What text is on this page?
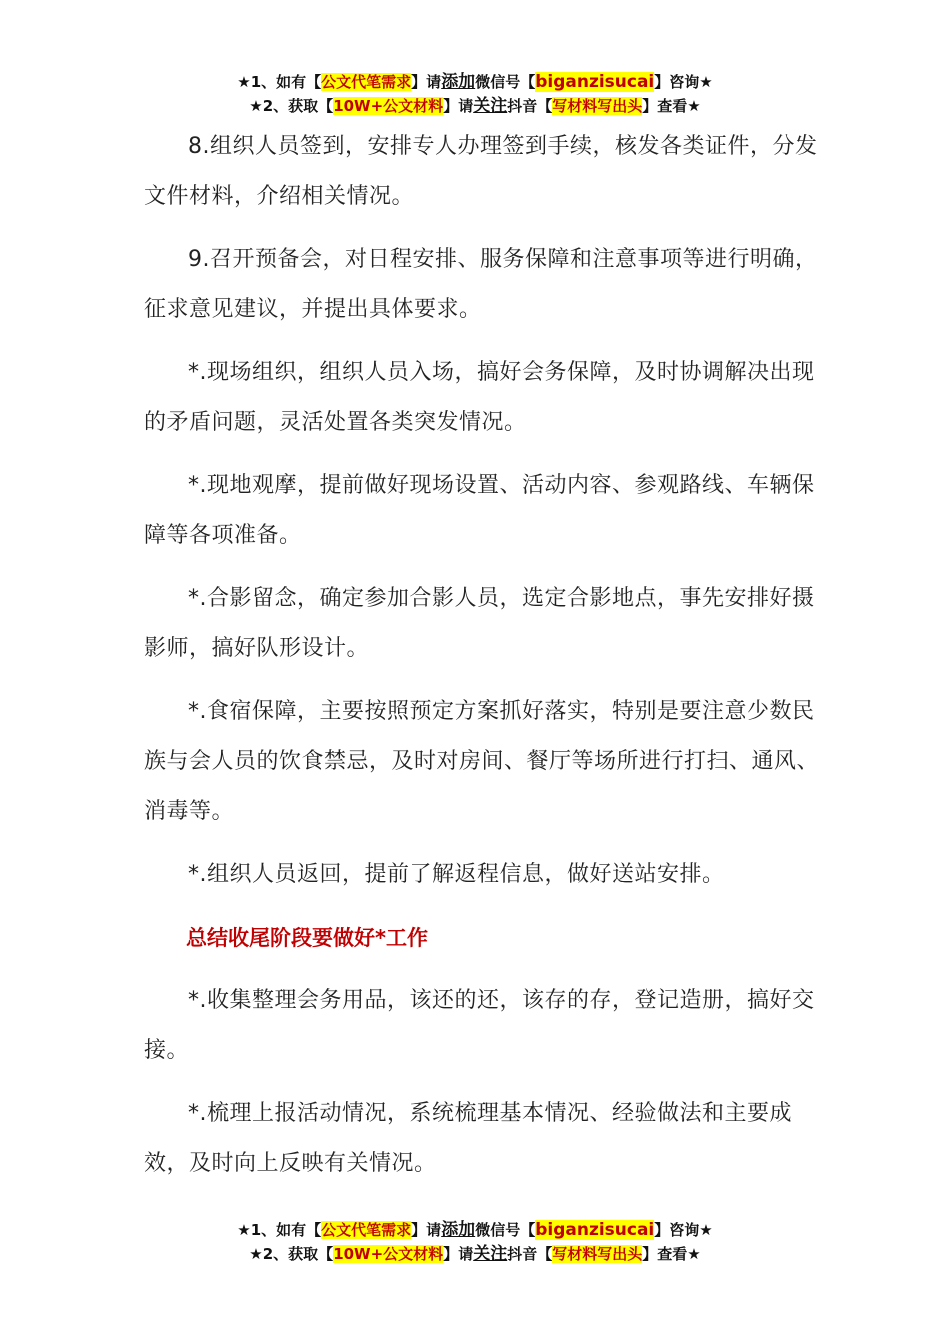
★1、如有【公文代笔需求】请添加微信号【biganzisucai】咨询★
★2、获取【10W+公文材料】请关注抖音【写材料写出头】查看★

8.组织人员签到，安排专人办理签到手续，核发各类证件，分发文件材料，介绍相关情况。

9.召开预备会，对日程安排、服务保障和注意事项等进行明确，征求意见建议，并提出具体要求。

*.现场组织，组织人员入场，搞好会务保障，及时协调解决出现的矛盾问题，灵活处置各类突发情况。

*.现地观摩，提前做好现场设置、活动内容、参观路线、车辆保障等各项准备。

*.合影留念，确定参加合影人员，选定合影地点，事先安排好摄影师，搞好队形设计。

*.食宿保障，主要按照预定方案抓好落实，特别是要注意少数民族与会人员的饮食禁忌，及时对房间、餐厅等场所进行打扫、通风、消毒等。

*.组织人员返回，提前了解返程信息，做好送站安排。

总结收尾阶段要做好*工作

*.收集整理会务用品，该还的还，该存的存，登记造册，搞好交接。

*.梳理上报活动情况，系统梳理基本情况、经验做法和主要成效，及时向上反映有关情况。

★1、如有【公文代笔需求】请添加微信号【biganzisucai】咨询★
★2、获取【10W+公文材料】请关注抖音【写材料写出头】查看★
